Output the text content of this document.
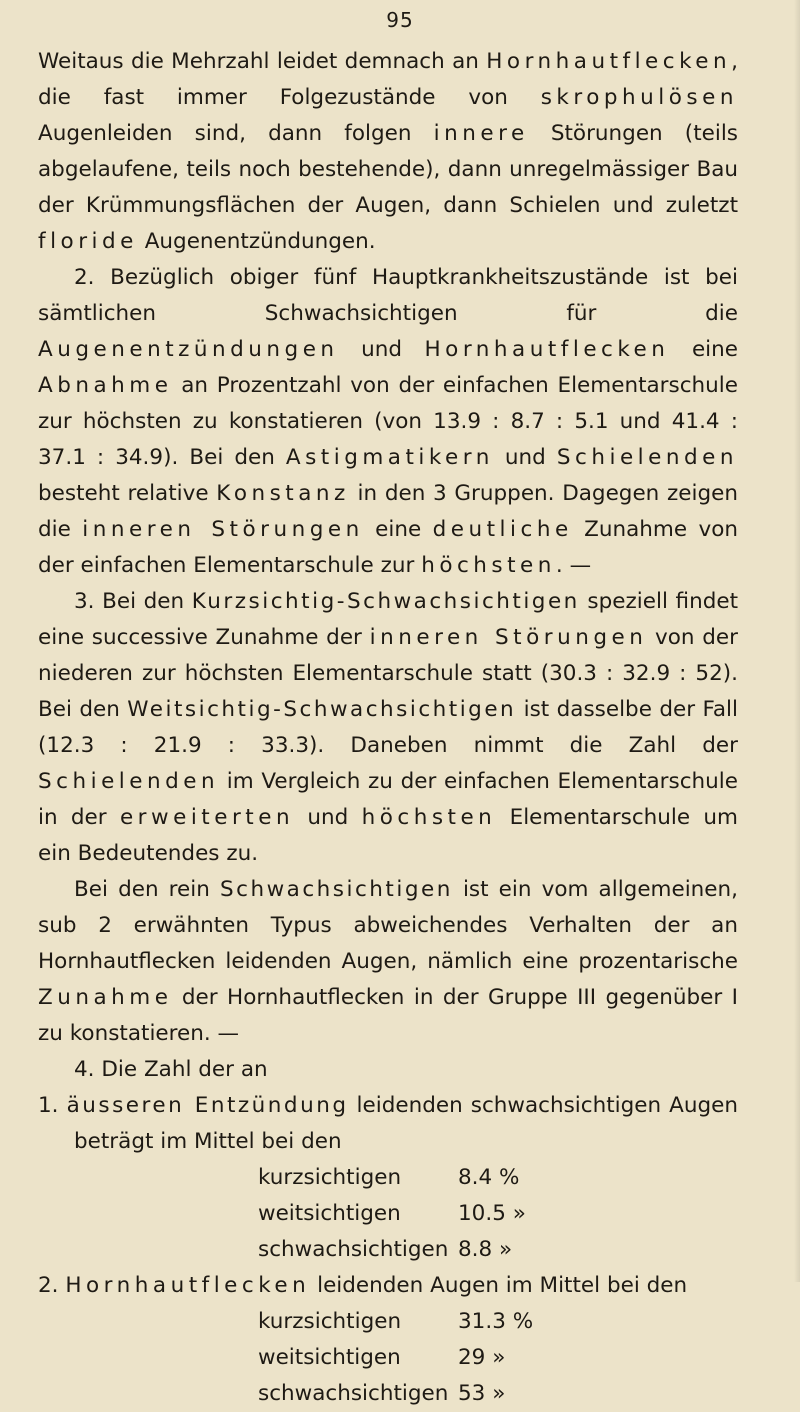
95

Weitaus die Mehrzahl leidet demnach an Hornhautflecken, die fast immer Folgezustände von skrophulösen Augenleiden sind, dann folgen innere Störungen (teils abgelaufene, teils noch bestehende), dann unregelmässiger Bau der Krümmungsflächen der Augen, dann Schielen und zuletzt floride Augenentzündungen.

2. Bezüglich obiger fünf Hauptkrankheitszustände ist bei sämtlichen Schwachsichtigen für die Augenentzündungen und Hornhautflecken eine Abnahme an Prozentzahl von der einfachen Elementarschule zur höchsten zu konstatieren (von 13.9 : 8.7 : 5.1 und 41.4 : 37.1 : 34.9). Bei den Astigmatikern und Schielenden besteht relative Konstanz in den 3 Gruppen. Dagegen zeigen die inneren Störungen eine deutliche Zunahme von der einfachen Elementarschule zur höchsten. —

3. Bei den Kurzsichtig-Schwachsichtigen speziell findet eine successive Zunahme der inneren Störungen von der niederen zur höchsten Elementarschule statt (30.3 : 32.9 : 52). Bei den Weitsichtig-Schwachsichtigen ist dasselbe der Fall (12.3 : 21.9 : 33.3). Daneben nimmt die Zahl der Schielenden im Vergleich zu der einfachen Elementarschule in der erweiterten und höchsten Elementarschule um ein Bedeutendes zu.

Bei den rein Schwachsichtigen ist ein vom allgemeinen, sub 2 erwähnten Typus abweichendes Verhalten der an Hornhautflecken leidenden Augen, nämlich eine prozentarische Zunahme der Hornhautflecken in der Gruppe III gegenüber I zu konstatieren. —

4. Die Zahl der an

1. äusseren Entzündung leidenden schwachsichtigen Augen beträgt im Mittel bei den

kurzsichtigen	8.4 %
weitsichtigen	10.5 »
schwachsichtigen 8.8 »

2. Hornhautflecken leidenden Augen im Mittel bei den

kurzsichtigen	31.3 %
weitsichtigen	29 »
schwachsichtigen 53 »
